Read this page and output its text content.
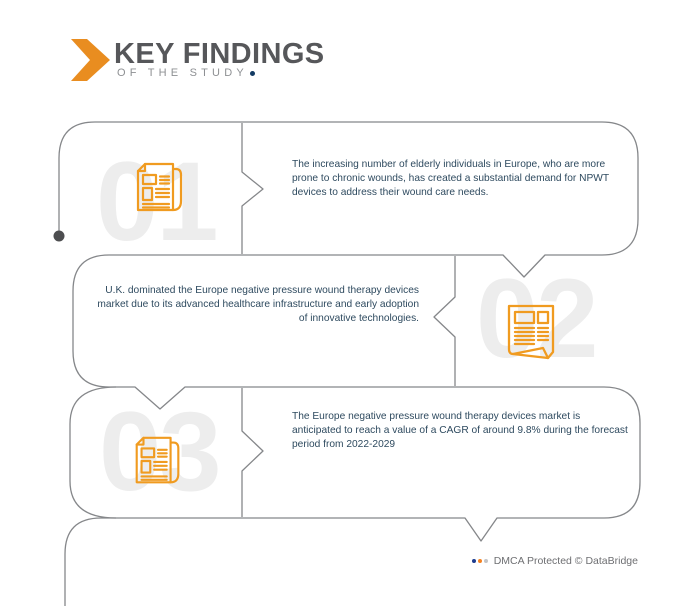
KEY FINDINGS
OF THE STUDY
01	The increasing number of elderly individuals in Europe, who are more prone to chronic wounds, has created a substantial demand for NPWT devices to address their wound care needs.
02
U.K. dominated the Europe negative pressure wound therapy devices market due to its advanced healthcare infrastructure and early adoption of innovative technologies.
03	The Europe negative pressure wound therapy devices market is anticipated to reach a value of a CAGR of around 9.8% during the forecast period from 2022-2029
DMCA Protected © DataBridge
